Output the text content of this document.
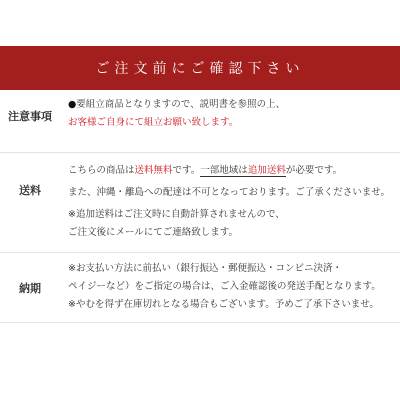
ご注文前にご確認下さい
注意事項
●要組立商品となりますので、説明書を参照の上、
お客様ご自身にて組立お願い致します。
送料
こちらの商品は送料無料です。一部地域は追加送料が必要です。
また、沖縄・離島への配達は不可となっております。ご了承くださいませ。
※追加送料はご注文時に自動計算されませんので、
ご注文後にメールにてご連絡致します。
納期
※お支払い方法に前払い（銀行振込・郵便振込・コンビニ決済・
ペイジーなど）をご指定の場合は、ご入金確認後の発送手配となります。
※やむを得ず在庫切れとなる場合もございます。予めご了承下さいませ。
